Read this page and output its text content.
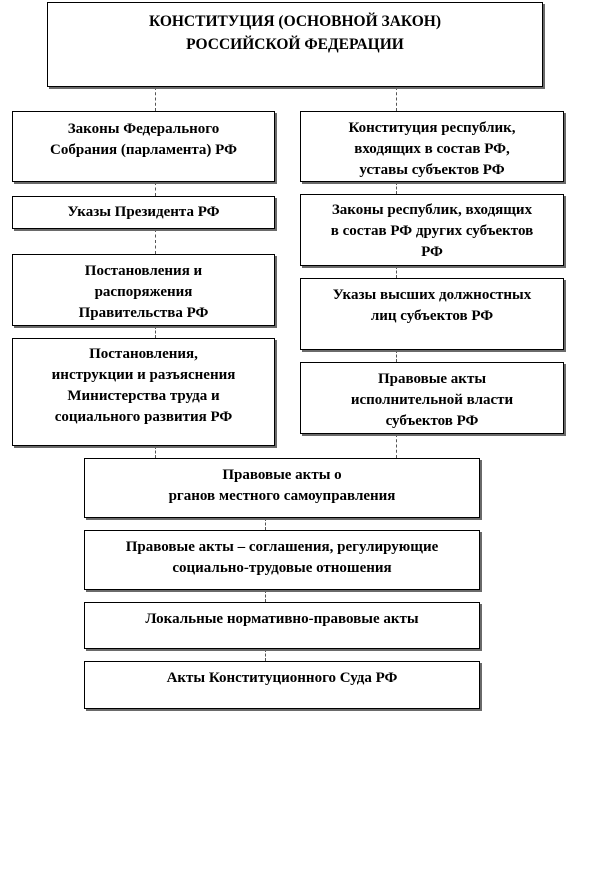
КОНСТИТУЦИЯ (ОСНОВНОЙ ЗАКОН)
РОССИЙСКОЙ ФЕДЕРАЦИИ
Законы Федерального
Собрания (парламента) РФ
Указы Президента РФ
Постановления и
распоряжения
Правительства РФ
Постановления,
инструкции и разъяснения
Министерства труда и
социального развития РФ
Конституция республик,
входящих в состав РФ,
уставы субъектов РФ
Законы республик, входящих
в состав РФ других субъектов
РФ
Указы высших должностных
лиц субъектов РФ
Правовые акты
исполнительной власти
субъектов РФ
Правовые акты о
рганов местного самоуправления
Правовые акты – соглашения, регулирующие
социально-трудовые отношения
Локальные нормативно-правовые акты
Акты Конституционного Суда РФ
